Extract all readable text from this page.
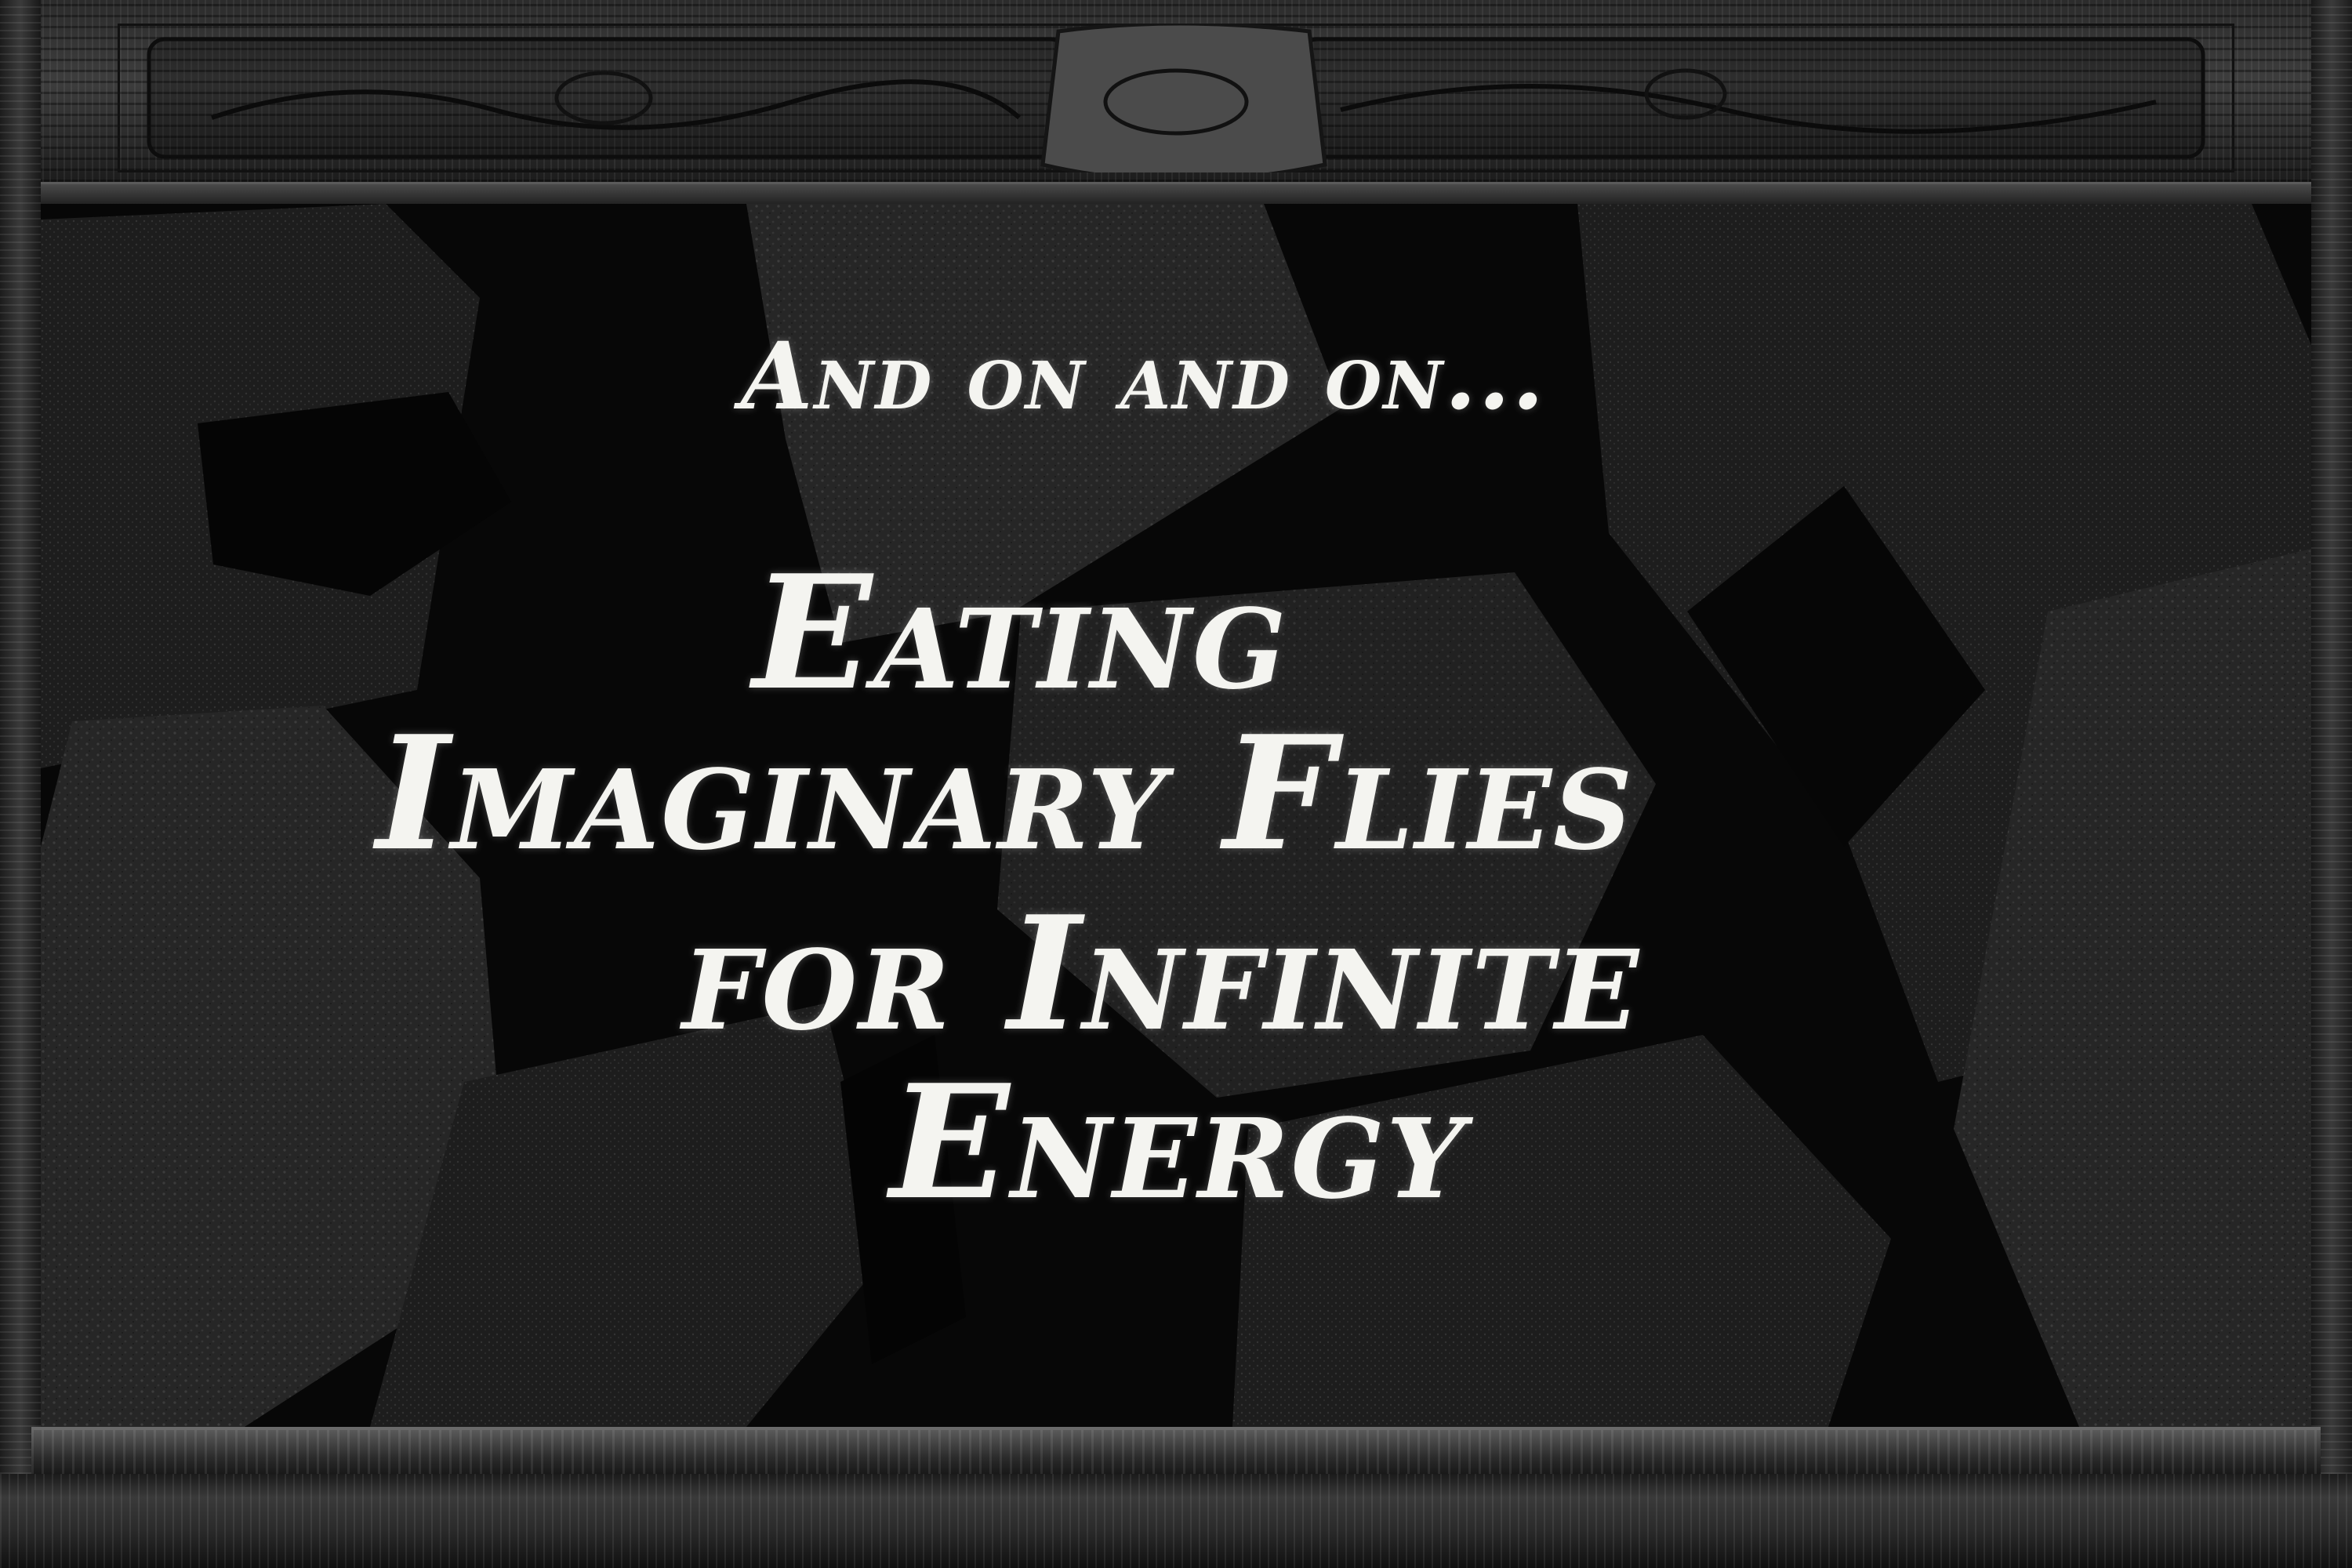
And on and on...
Eating
Imaginary Flies
for Infinite
Energy
